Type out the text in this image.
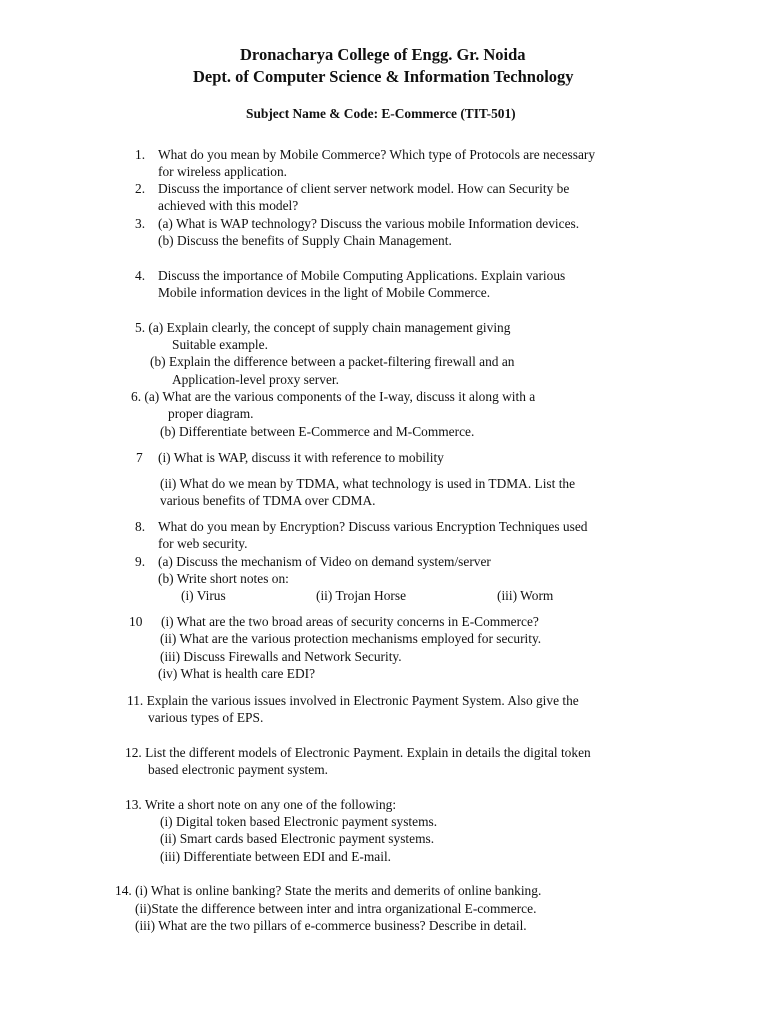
Dronacharya College of Engg. Gr. Noida
Dept. of Computer Science & Information Technology
Subject Name & Code: E-Commerce (TIT-501)
1. What do you mean by Mobile Commerce? Which type of Protocols are necessary
for wireless application.
2. Discuss the importance of client server network model. How can Security be
achieved with this model?
3. (a) What is WAP technology? Discuss the various mobile Information devices.
(b) Discuss the benefits of Supply Chain Management.
4. Discuss the importance of Mobile Computing Applications. Explain various
Mobile information devices in the light of Mobile Commerce.
5. (a) Explain clearly, the concept of supply chain management giving
Suitable example.
(b) Explain the difference between a packet-filtering firewall and an
Application-level proxy server.
6. (a) What are the various components of the I-way, discuss it along with a
proper diagram.
(b) Differentiate between E-Commerce and M-Commerce.
7 (i) What is WAP, discuss it with reference to mobility
(ii) What do we mean by TDMA, what technology is used in TDMA. List the
various benefits of TDMA over CDMA.
8. What do you mean by Encryption? Discuss various Encryption Techniques used
for web security.
9. (a) Discuss the mechanism of Video on demand system/server
(b) Write short notes on:
(i) Virus	(ii) Trojan Horse	(iii) Worm
10 (i) What are the two broad areas of security concerns in E-Commerce?
(ii) What are the various protection mechanisms employed for security.
(iii) Discuss Firewalls and Network Security.
(iv) What is health care EDI?
11. Explain the various issues involved in Electronic Payment System. Also give the
various types of EPS.
12. List the different models of Electronic Payment. Explain in details the digital token
based electronic payment system.
13. Write a short note on any one of the following:
(i) Digital token based Electronic payment systems.
(ii) Smart cards based Electronic payment systems.
(iii) Differentiate between EDI and E-mail.
14. (i) What is online banking? State the merits and demerits of online banking.
(ii)State the difference between inter and intra organizational E-commerce.
(iii) What are the two pillars of e-commerce business? Describe in detail.
